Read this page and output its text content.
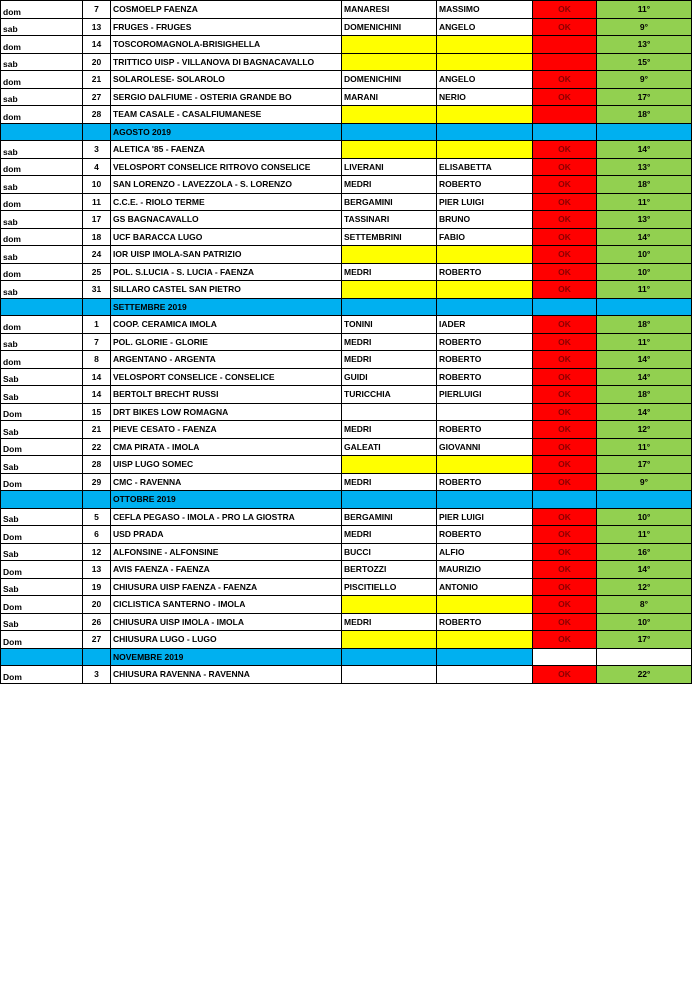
dom	7	COSMOELP FAENZA	MANARESI	MASSIMO	OK	11°
sab	13	FRUGES - FRUGES	DOMENICHINI	ANGELO	OK	9°
dom	14	TOSCOROMAGNOLA-BRISIGHELLA				13°
sab	20	TRITTICO UISP - VILLANOVA DI BAGNACAVALLO				15°
dom	21	SOLAROLESE- SOLAROLO	DOMENICHINI	ANGELO	OK	9°
sab	27	SERGIO DALFIUME - OSTERIA GRANDE BO	MARANI	NERIO	OK	17°
dom	28	TEAM CASALE - CASALFIUMANESE				18°
		AGOSTO 2019				
sab	3	ALETICA '85 - FAENZA			OK	14°
dom	4	VELOSPORT CONSELICE RITROVO CONSELICE	LIVERANI	ELISABETTA	OK	13°
sab	10	SAN LORENZO - LAVEZZOLA - S. LORENZO	MEDRI	ROBERTO	OK	18°
dom	11	C.C.E. - RIOLO TERME	BERGAMINI	PIER LUIGI	OK	11°
sab	17	GS BAGNACAVALLO	TASSINARI	BRUNO	OK	13°
dom	18	UCF BARACCA LUGO	SETTEMBRINI	FABIO	OK	14°
sab	24	IOR UISP IMOLA-SAN PATRIZIO			OK	10°
dom	25	POL. S.LUCIA - S. LUCIA - FAENZA	MEDRI	ROBERTO	OK	10°
sab	31	SILLARO CASTEL SAN PIETRO			OK	11°
		SETTEMBRE 2019				
dom	1	COOP. CERAMICA IMOLA	TONINI	IADER	OK	18°
sab	7	POL. GLORIE - GLORIE	MEDRI	ROBERTO	OK	11°
dom	8	ARGENTANO - ARGENTA	MEDRI	ROBERTO	OK	14°
Sab	14	VELOSPORT CONSELICE - CONSELICE	GUIDI	ROBERTO	OK	14°
Sab	14	BERTOLT BRECHT RUSSI	TURICCHIA	PIERLUIGI	OK	18°
Dom	15	DRT BIKES LOW ROMAGNA			OK	14°
Sab	21	PIEVE CESATO - FAENZA	MEDRI	ROBERTO	OK	12°
Dom	22	CMA PIRATA - IMOLA	GALEATI	GIOVANNI	OK	11°
Sab	28	UISP LUGO SOMEC			OK	17°
Dom	29	CMC - RAVENNA	MEDRI	ROBERTO	OK	9°
		OTTOBRE 2019				
Sab	5	CEFLA PEGASO - IMOLA - PRO LA GIOSTRA	BERGAMINI	PIER LUIGI	OK	10°
Dom	6	USD PRADA	MEDRI	ROBERTO	OK	11°
Sab	12	ALFONSINE - ALFONSINE	BUCCI	ALFIO	OK	16°
Dom	13	AVIS FAENZA - FAENZA	BERTOZZI	MAURIZIO	OK	14°
Sab	19	CHIUSURA UISP FAENZA - FAENZA	PISCITIELLO	ANTONIO	OK	12°
Dom	20	CICLISTICA SANTERNO - IMOLA			OK	8°
Sab	26	CHIUSURA UISP IMOLA - IMOLA	MEDRI	ROBERTO	OK	10°
Dom	27	CHIUSURA LUGO - LUGO			OK	17°
		NOVEMBRE 2019				
Dom	3	CHIUSURA RAVENNA - RAVENNA			OK	22°
